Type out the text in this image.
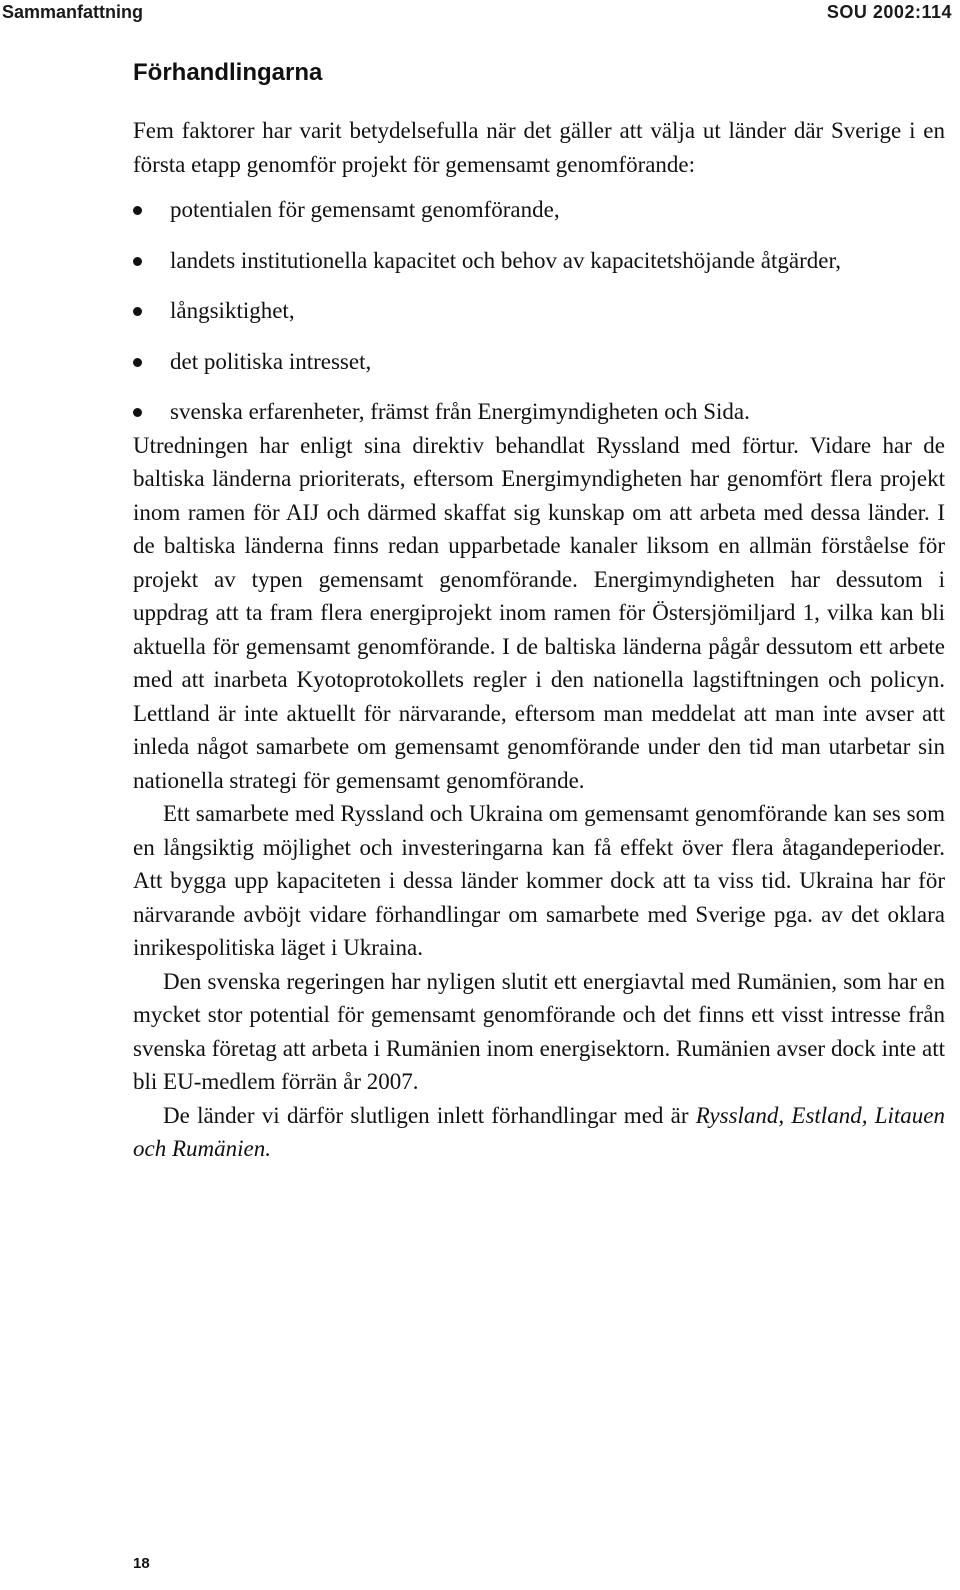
Sammanfattning	SOU 2002:114
Förhandlingarna

Fem faktorer har varit betydelsefulla när det gäller att välja ut länder där Sverige i en första etapp genomför projekt för gemensamt genomförande:

potentialen för gemensamt genomförande,
landets institutionella kapacitet och behov av kapacitetshöjande åtgärder,
långsiktighet,
det politiska intresset,
svenska erfarenheter, främst från Energimyndigheten och Sida.

Utredningen har enligt sina direktiv behandlat Ryssland med förtur. Vidare har de baltiska länderna prioriterats, eftersom Energimyndigheten har genomfört flera projekt inom ramen för AIJ och därmed skaffat sig kunskap om att arbeta med dessa länder. I de baltiska länderna finns redan upparbetade kanaler liksom en allmän förståelse för projekt av typen gemensamt genomförande. Energimyndigheten har dessutom i uppdrag att ta fram flera energiprojekt inom ramen för Östersjömiljard 1, vilka kan bli aktuella för gemensamt genomförande. I de baltiska länderna pågår dessutom ett arbete med att inarbeta Kyotoprotokollets regler i den nationella lagstiftningen och policyn. Lettland är inte aktuellt för närvarande, eftersom man meddelat att man inte avser att inleda något samarbete om gemensamt genomförande under den tid man utarbetar sin nationella strategi för gemensamt genomförande.

Ett samarbete med Ryssland och Ukraina om gemensamt genomförande kan ses som en långsiktig möjlighet och investeringarna kan få effekt över flera åtagandeperioder. Att bygga upp kapaciteten i dessa länder kommer dock att ta viss tid. Ukraina har för närvarande avböjt vidare förhandlingar om samarbete med Sverige pga. av det oklara inrikespolitiska läget i Ukraina.

Den svenska regeringen har nyligen slutit ett energiavtal med Rumänien, som har en mycket stor potential för gemensamt genomförande och det finns ett visst intresse från svenska företag att arbeta i Rumänien inom energisektorn. Rumänien avser dock inte att bli EU-medlem förrän år 2007.

De länder vi därför slutligen inlett förhandlingar med är Ryssland, Estland, Litauen och Rumänien.

18
